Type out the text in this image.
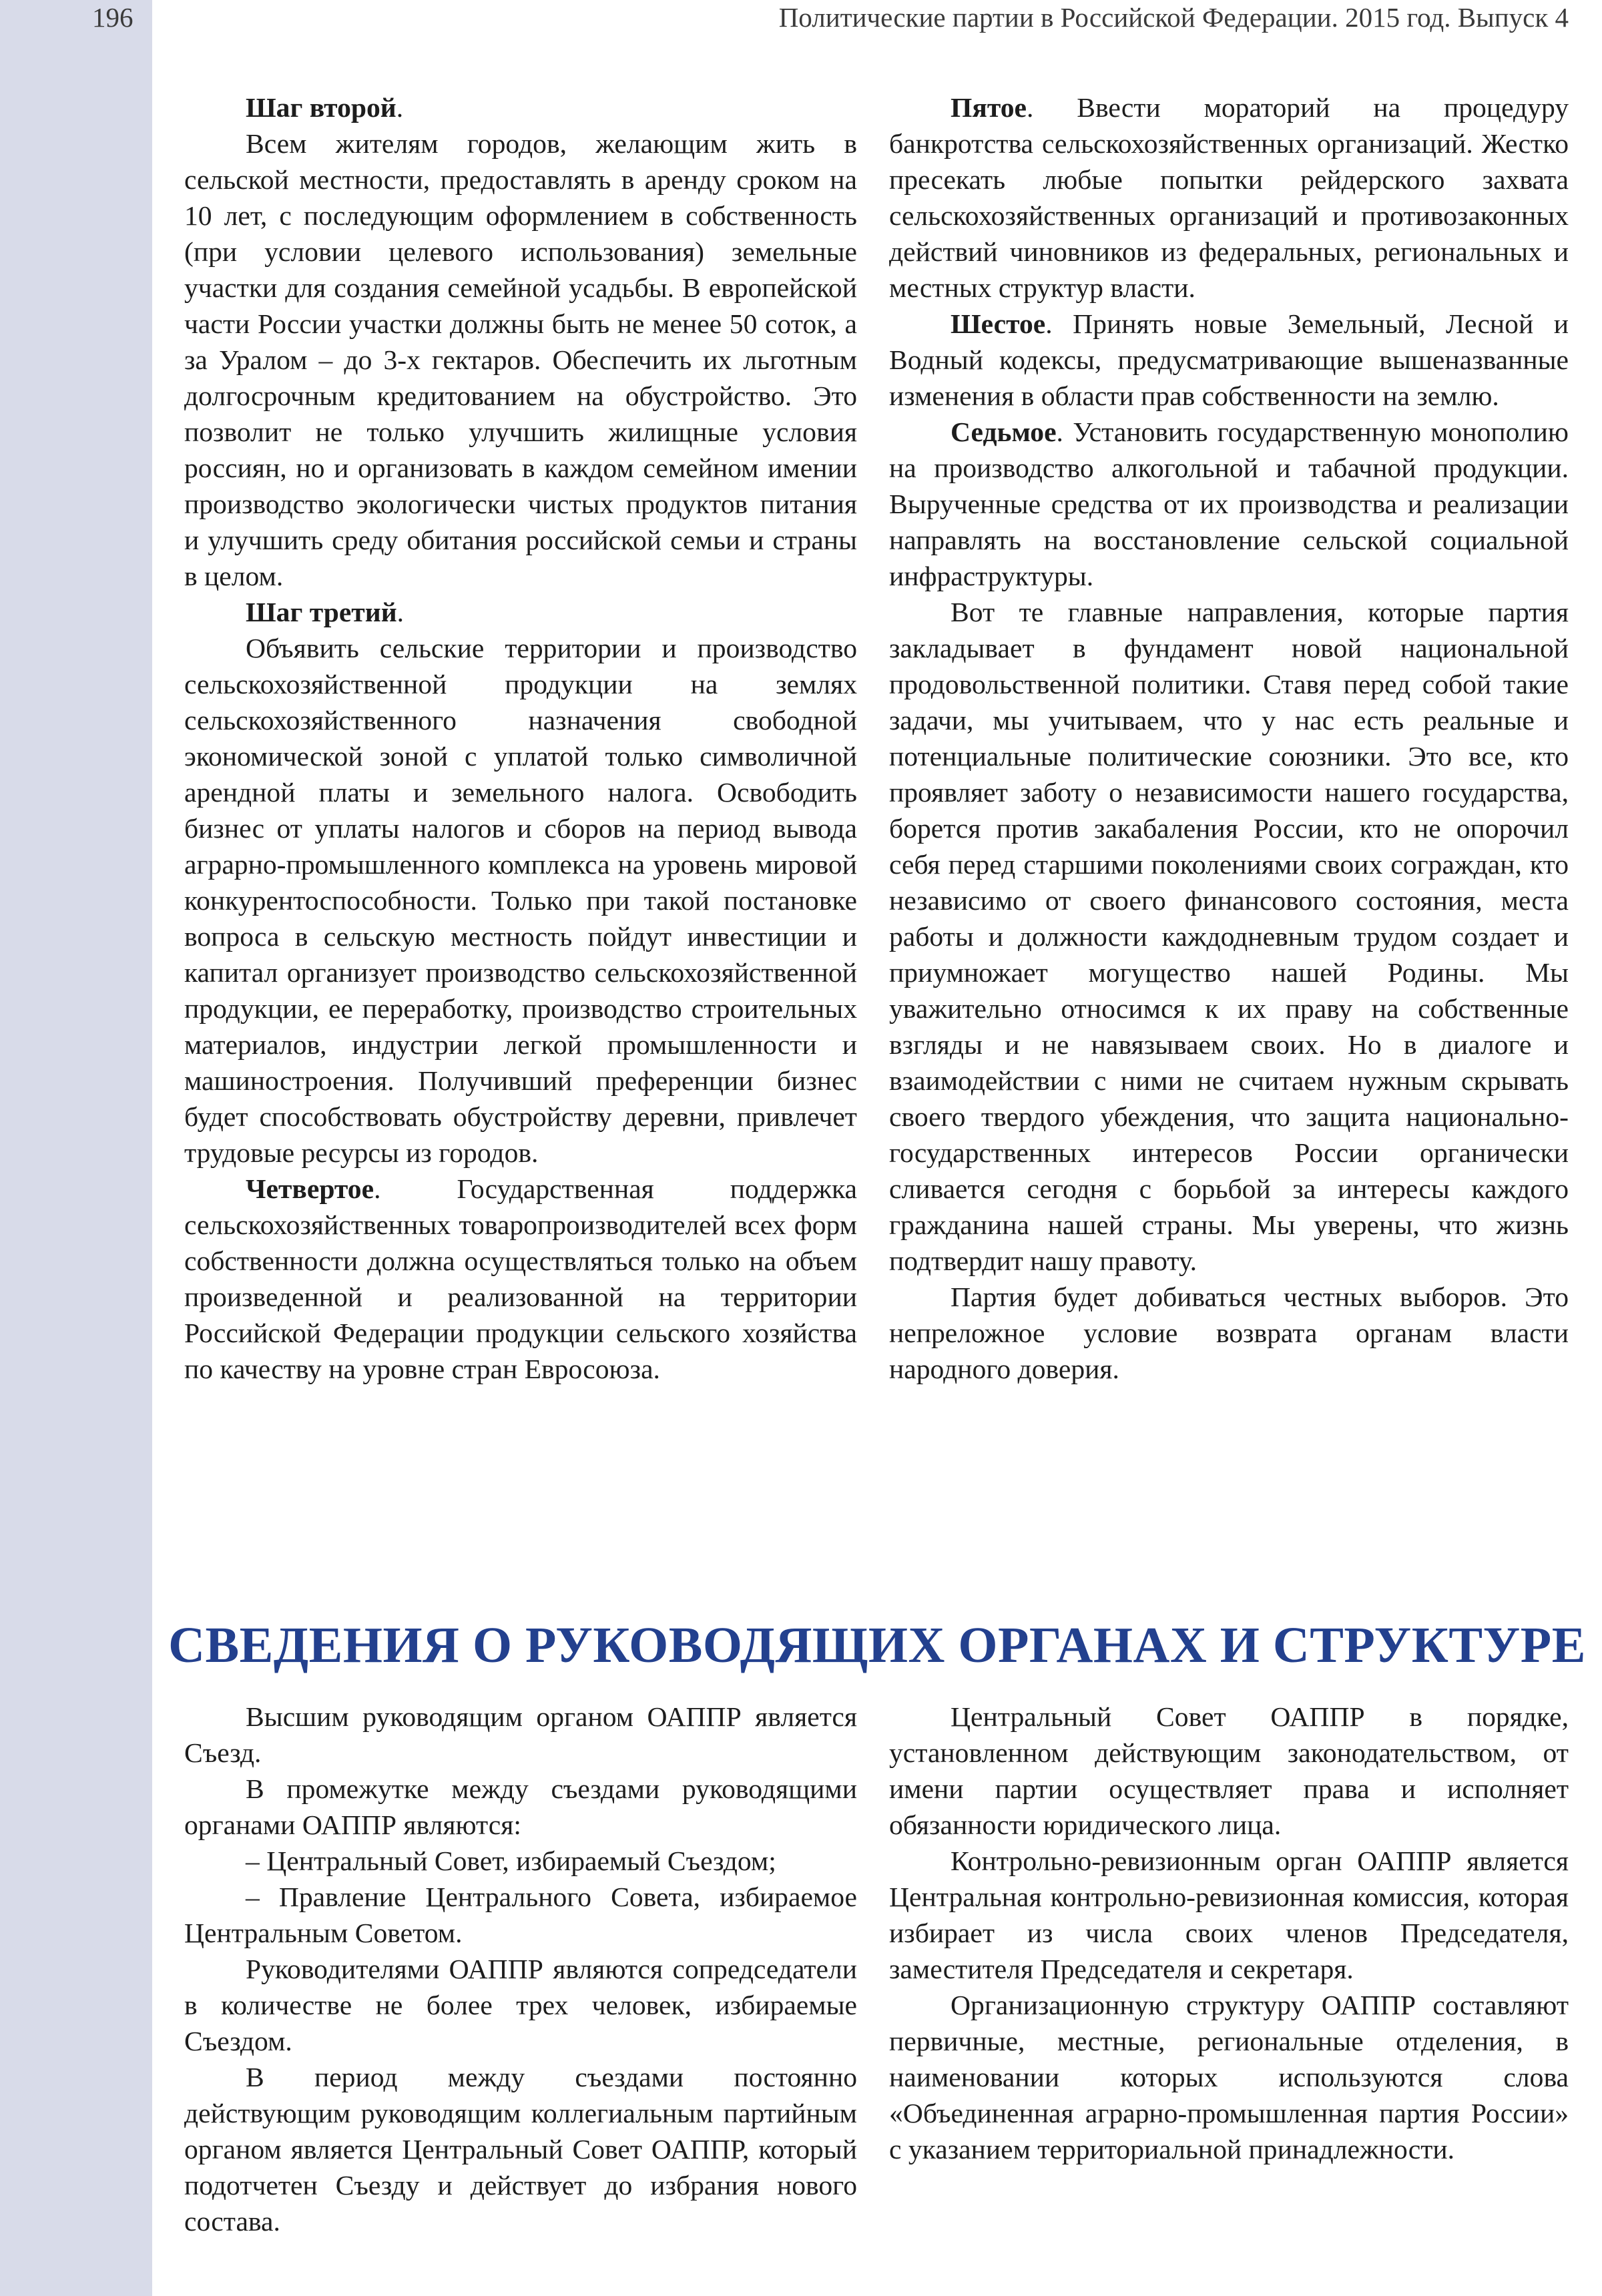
196	Политические партии в Российской Федерации. 2015 год. Выпуск 4

Шаг второй.

Всем жителям городов, желающим жить в сельской местности, предоставлять в аренду сроком на 10 лет, с последующим оформлением в собственность (при условии целевого использования) земельные участки для создания семейной усадьбы. В европейской части России участки должны быть не менее 50 соток, а за Уралом – до 3-х гектаров. Обеспечить их льготным долгосрочным кредитованием на обустройство. Это позволит не только улучшить жилищные условия россиян, но и организовать в каждом семейном имении производство экологически чистых продуктов питания и улучшить среду обитания российской семьи и страны в целом.

Шаг третий.

Объявить сельские территории и производство сельскохозяйственной продукции на землях сельскохозяйственного назначения свободной экономической зоной с уплатой только символичной арендной платы и земельного налога. Освободить бизнес от уплаты налогов и сборов на период вывода аграрно-промышленного комплекса на уровень мировой конкурентоспособности. Только при такой постановке вопроса в сельскую местность пойдут инвестиции и капитал организует производство сельскохозяйственной продукции, ее переработку, производство строительных материалов, индустрии легкой промышленности и машиностроения. Получивший преференции бизнес будет способствовать обустройству деревни, привлечет трудовые ресурсы из городов.

Четвертое. Государственная поддержка сельскохозяйственных товаропроизводителей всех форм собственности должна осуществляться только на объем произведенной и реализованной на территории Российской Федерации продукции сельского хозяйства по качеству на уровне стран Евросоюза.

Пятое. Ввести мораторий на процедуру банкротства сельскохозяйственных организаций. Жестко пресекать любые попытки рейдерского захвата сельскохозяйственных организаций и противозаконных действий чиновников из федеральных, региональных и местных структур власти.

Шестое. Принять новые Земельный, Лесной и Водный кодексы, предусматривающие вышеназванные изменения в области прав собственности на землю.

Седьмое. Установить государственную монополию на производство алкогольной и табачной продукции. Вырученные средства от их производства и реализации направлять на восстановление сельской социальной инфраструктуры.

Вот те главные направления, которые партия закладывает в фундамент новой национальной продовольственной политики. Ставя перед собой такие задачи, мы учитываем, что у нас есть реальные и потенциальные политические союзники. Это все, кто проявляет заботу о независимости нашего государства, борется против закабаления России, кто не опорочил себя перед старшими поколениями своих сограждан, кто независимо от своего финансового состояния, места работы и должности каждодневным трудом создает и приумножает могущество нашей Родины. Мы уважительно относимся к их праву на собственные взгляды и не навязываем своих. Но в диалоге и взаимодействии с ними не считаем нужным скрывать своего твердого убеждения, что защита национально-государственных интересов России органически сливается сегодня с борьбой за интересы каждого гражданина нашей страны. Мы уверены, что жизнь подтвердит нашу правоту.

Партия будет добиваться честных выборов. Это непреложное условие возврата органам власти народного доверия.

СВЕДЕНИЯ О РУКОВОДЯЩИХ ОРГАНАХ И СТРУКТУРЕ

Высшим руководящим органом ОАППР является Съезд.

В промежутке между съездами руководящими органами ОАППР являются:

– Центральный Совет, избираемый Съездом;

– Правление Центрального Совета, избираемое Центральным Советом.

Руководителями ОАППР являются сопредседатели в количестве не более трех человек, избираемые Съездом.

В период между съездами постоянно действующим руководящим коллегиальным партийным органом является Центральный Совет ОАППР, который подотчетен Съезду и действует до избрания нового состава.

Центральный Совет ОАППР в порядке, установленном действующим законодательством, от имени партии осуществляет права и исполняет обязанности юридического лица.

Контрольно-ревизионным орган ОАППР является Центральная контрольно-ревизионная комиссия, которая избирает из числа своих членов Председателя, заместителя Председателя и секретаря.

Организационную структуру ОАППР составляют первичные, местные, региональные отделения, в наименовании которых используются слова «Объединенная аграрно-промышленная партия России» с указанием территориальной принадлежности.
